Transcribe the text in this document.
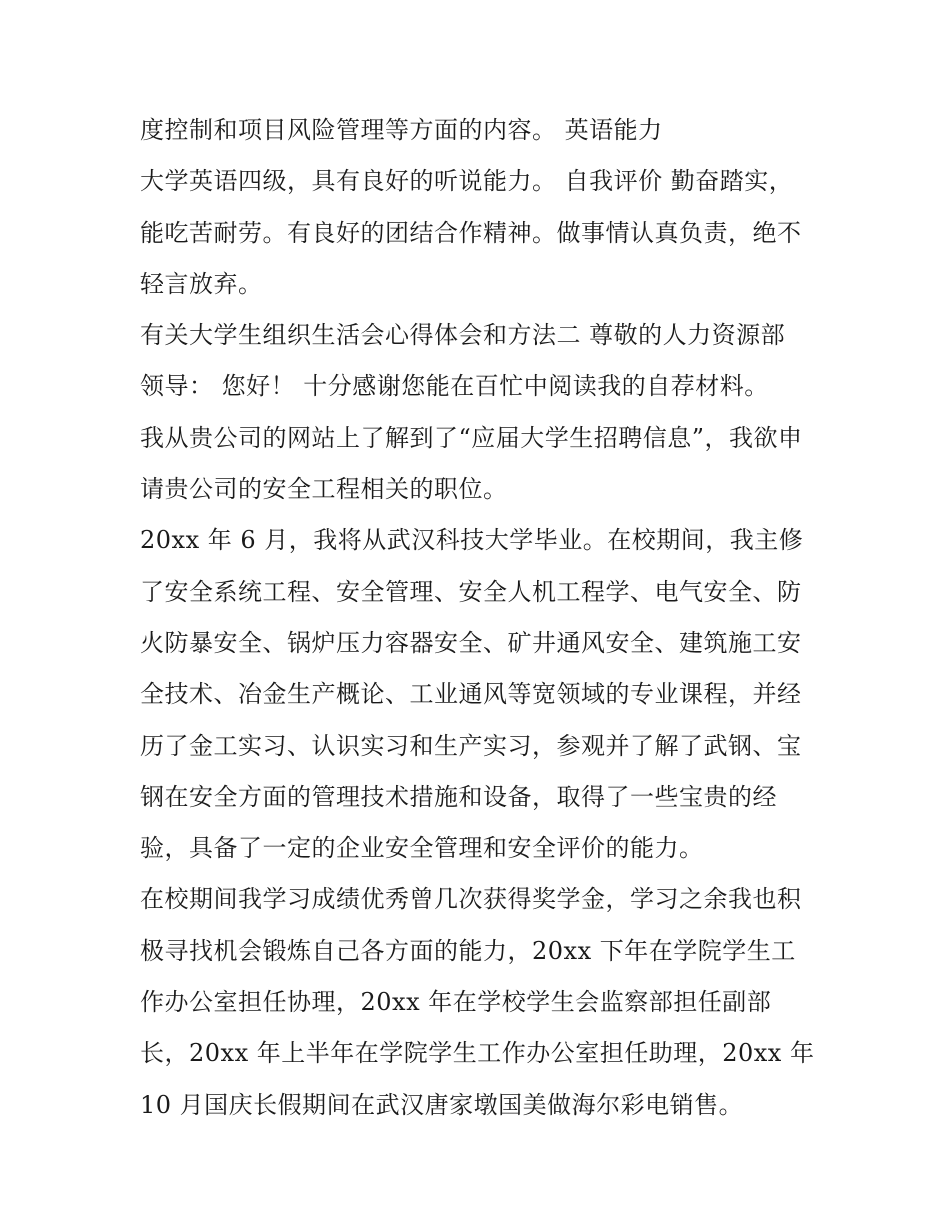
度控制和项目风险管理等方面的内容。 英语能力
大学英语四级，具有良好的听说能力。 自我评价 勤奋踏实，
能吃苦耐劳。有良好的团结合作精神。做事情认真负责，绝不
轻言放弃。
有关大学生组织生活会心得体会和方法二 尊敬的人力资源部
领导： 您好！ 十分感谢您能在百忙中阅读我的自荐材料。
我从贵公司的网站上了解到了“应届大学生招聘信息”，我欲申
请贵公司的安全工程相关的职位。
20xx 年 6 月，我将从武汉科技大学毕业。在校期间，我主修
了安全系统工程、安全管理、安全人机工程学、电气安全、防
火防暴安全、锅炉压力容器安全、矿井通风安全、建筑施工安
全技术、冶金生产概论、工业通风等宽领域的专业课程，并经
历了金工实习、认识实习和生产实习，参观并了解了武钢、宝
钢在安全方面的管理技术措施和设备，取得了一些宝贵的经
验，具备了一定的企业安全管理和安全评价的能力。
在校期间我学习成绩优秀曾几次获得奖学金，学习之余我也积
极寻找机会锻炼自己各方面的能力，20xx 下年在学院学生工
作办公室担任协理，20xx 年在学校学生会监察部担任副部
长，20xx 年上半年在学院学生工作办公室担任助理，20xx 年
10 月国庆长假期间在武汉唐家墩国美做海尔彩电销售。
